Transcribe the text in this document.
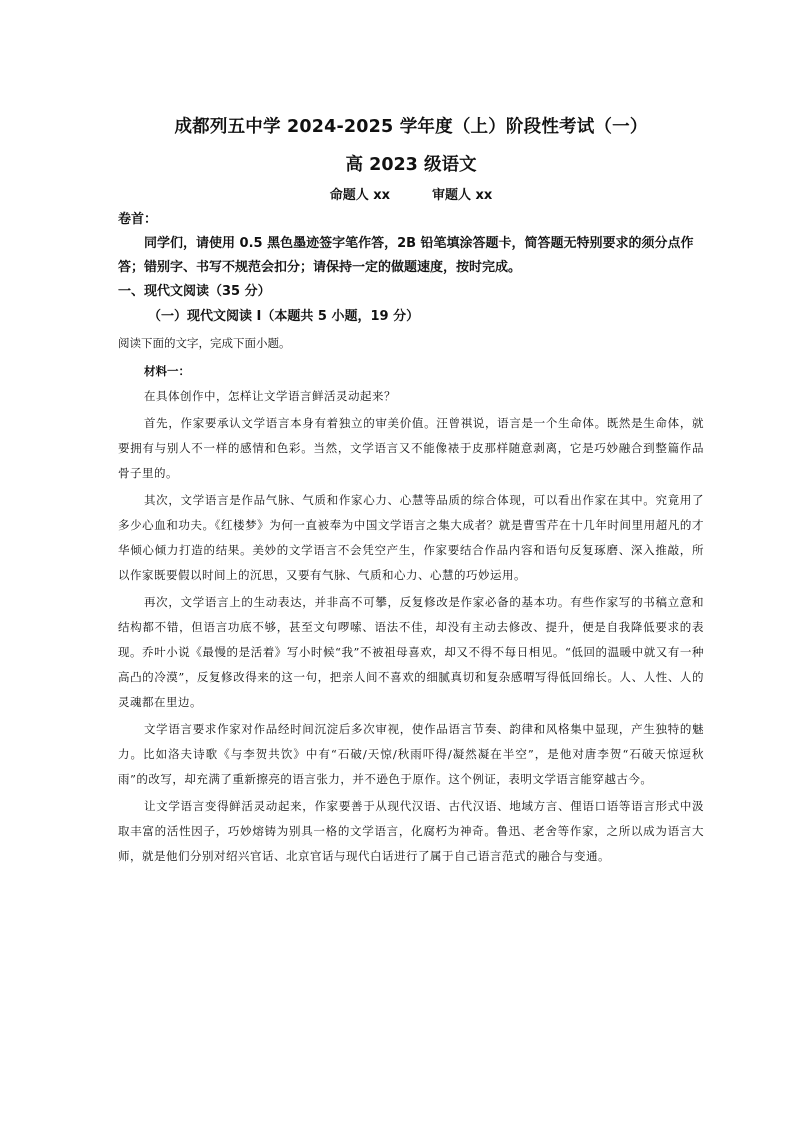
成都列五中学 2024-2025 学年度（上）阶段性考试（一）
高 2023 级语文

命题人 xx	审题人 xx

卷首：

同学们，请使用 0.5 黑色墨迹签字笔作答，2B 铅笔填涂答题卡，简答题无特别要求的须分点作答；错别字、书写不规范会扣分；请保持一定的做题速度，按时完成。

一、现代文阅读（35 分）

（一）现代文阅读 I（本题共 5 小题，19 分）

阅读下面的文字，完成下面小题。

材料一：

在具体创作中，怎样让文学语言鲜活灵动起来？

首先，作家要承认文学语言本身有着独立的审美价值。汪曾祺说，语言是一个生命体。既然是生命体，就要拥有与别人不一样的感情和色彩。当然，文学语言又不能像裱于皮那样随意剥离，它是巧妙融合到整篇作品骨子里的。

其次，文学语言是作品气脉、气质和作家心力、心慧等品质的综合体现，可以看出作家在其中。究竟用了多少心血和功夫。《红楼梦》为何一直被奉为中国文学语言之集大成者？就是曹雪芹在十几年时间里用超凡的才华倾心倾力打造的结果。美妙的文学语言不会凭空产生，作家要结合作品内容和语句反复琢磨、深入推敲，所以作家既要假以时间上的沉思，又要有气脉、气质和心力、心慧的巧妙运用。

再次，文学语言上的生动表达，并非高不可攀，反复修改是作家必备的基本功。有些作家写的书稿立意和结构都不错，但语言功底不够，甚至文句啰嗦、语法不佳，却没有主动去修改、提升，便是自我降低要求的表现。乔叶小说《最慢的是活着》写小时候“我”不被祖母喜欢，却又不得不每日相见。“低回的温暖中就又有一种高凸的冷漠”，反复修改得来的这一句，把亲人间不喜欢的细腻真切和复杂感喟写得低回绵长。人、人性、人的灵魂都在里边。

文学语言要求作家对作品经时间沉淀后多次审视，使作品语言节奏、韵律和风格集中显现，产生独特的魅力。比如洛夫诗歌《与李贺共饮》中有“石破/天惊/秋雨吓得/凝然凝在半空”，是他对唐李贺“石破天惊逗秋雨”的改写，却充满了重新擦亮的语言张力，并不逊色于原作。这个例证，表明文学语言能穿越古今。

让文学语言变得鲜活灵动起来，作家要善于从现代汉语、古代汉语、地域方言、俚语口语等语言形式中汲取丰富的活性因子，巧妙熔铸为别具一格的文学语言，化腐朽为神奇。鲁迅、老舍等作家，之所以成为语言大师，就是他们分别对绍兴官话、北京官话与现代白话进行了属于自己语言范式的融合与变通。
